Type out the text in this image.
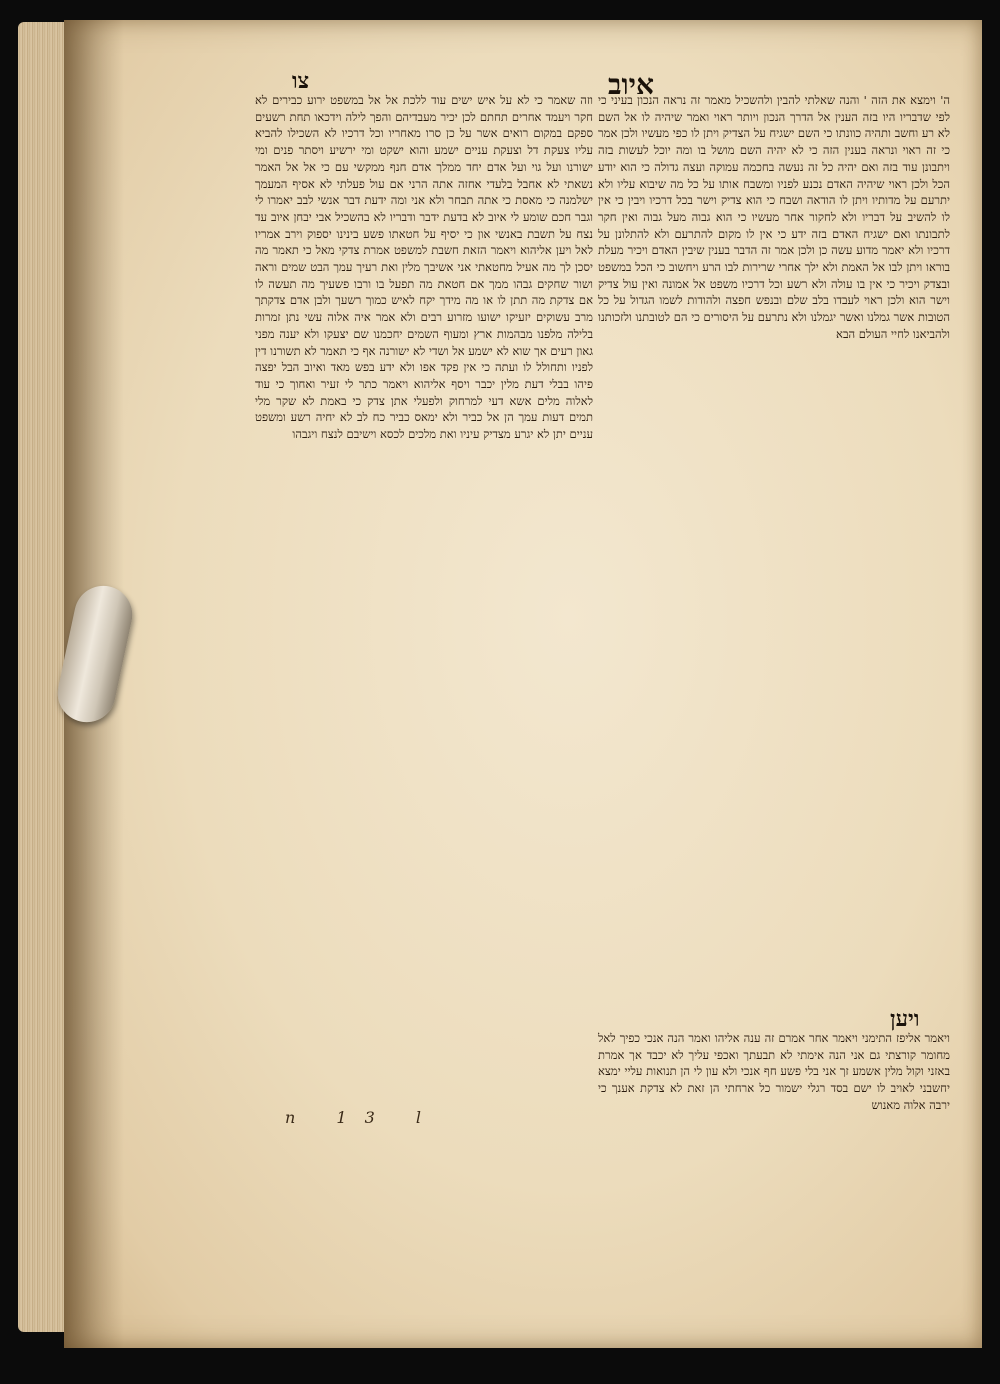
איוב
צו
ה' וימצא את הזה ' והנה שאלתי להבין ולהשכיל מאמר זה נראה הנכון בעיני כי לפי שדבריו היו בזה הענין אל הדרך הנכון ויותר ראוי ואמר שיהיה לו אל השם לא רע וחשב ותהיה כוונתו כי השם ישגיח על הצדיק ויתן לו כפי מעשיו ולכן אמר כי זה ראוי ונראה בענין הזה כי לא יהיה השם מושל בו ומה יוכל לעשות בזה ויתבונן עוד בזה ואם יהיה כל זה נעשה בחכמה עמוקה ועצה גדולה כי הוא יודע הכל ולכן ראוי שיהיה האדם נכנע לפניו ומשבח אותו על כל מה שיבוא עליו ולא יתרעם על מדותיו ויתן לו הודאה ושבח כי הוא צדיק וישר בכל דרכיו ויבין כי אין לו להשיב על דבריו ולא לחקור אחר מעשיו כי הוא גבוה מעל גבוה ואין חקר לתבונתו ואם ישגיח האדם בזה ידע כי אין לו מקום להתרעם ולא להתלונן על דרכיו ולא יאמר מדוע עשה כן ולכן אמר זה הדבר בענין שיבין האדם ויכיר מעלת בוראו ויתן לבו אל האמת ולא ילך אחרי שרירות לבו הרע ויחשוב כי הכל במשפט ובצדק ויכיר כי אין בו עולה ולא רשע וכל דרכיו משפט אל אמונה ואין עול צדיק וישר הוא ולכן ראוי לעבדו בלב שלם ובנפש חפצה ולהודות לשמו הגדול על כל הטובות אשר גמלנו ואשר יגמלנו ולא נתרעם על היסורים כי הם לטובתנו ולזכותנו ולהביאנו לחיי העולם הבא
ויען
ויאמר אליפז התימני ויאמר אחר אמרם זה ענה אליהו ואמר הנה אנכי כפיך לאל מחומר קורצתי גם אני הנה אימתי לא תבעתך ואכפי עליך לא יכבד אך אמרת באזני וקול מלין אשמע זך אני בלי פשע חף אנכי ולא עון לי הן תנואות עליי ימצא יחשבני לאויב לו ישם בסד רגלי ישמור כל ארחתי הן זאת לא צדקת אענך כי ירבה אלוה מאנוש
וזה שאמר כי לא על איש ישים עוד ללכת אל אל במשפט ירוע כבירים לא חקר ויעמד אחרים תחתם לכן יכיר מעבדיהם והפך לילה וידכאו תחת רשעים ספקם במקום רואים אשר על כן סרו מאחריו וכל דרכיו לא השכילו להביא עליו צעקת דל וצעקת עניים ישמע והוא ישקט ומי ירשיע ויסתר פנים ומי ישורנו ועל גוי ועל אדם יחד ממלך אדם חנף ממקשי עם כי אל אל האמר נשאתי לא אחבל בלעדי אחזה אתה הרני אם עול פעלתי לא אסיף המעמך ישלמנה כי מאסת כי אתה תבחר ולא אני ומה ידעת דבר אנשי לבב יאמרו לי וגבר חכם שומע לי איוב לא בדעת ידבר ודבריו לא בהשכיל אבי יבחן איוב עד נצח על תשבת באנשי און כי יסיף על חטאתו פשע בינינו יספוק וירב אמריו לאל ויען אליהוא ויאמר הזאת חשבת למשפט אמרת צדקי מאל כי תאמר מה יסכן לך מה אעיל מחטאתי אני אשיבך מלין ואת רעיך עמך הבט שמים וראה ושור שחקים גבהו ממך אם חטאת מה תפעל בו ורבו פשעיך מה תעשה לו אם צדקת מה תתן לו או מה מידך יקח לאיש כמוך רשעך ולבן אדם צדקתך מרב עשוקים יזעיקו ישועו מזרוע רבים ולא אמר איה אלוה עשי נתן זמרות בלילה מלפנו מבהמות ארץ ומעוף השמים יחכמנו שם יצעקו ולא יענה מפני גאון רעים אך שוא לא ישמע אל ושדי לא ישורנה אף כי תאמר לא תשורנו דין לפניו ותחולל לו ועתה כי אין פקד אפו ולא ידע בפש מאד ואיוב הבל יפצה פיהו בבלי דעת מלין יכבר ויסף אליהוא ויאמר כתר לי זעיר ואחוך כי עוד לאלוה מלים אשא דעי למרחוק ולפעלי אתן צדק כי באמת לא שקר מלי תמים דעות עמך הן אל כביר ולא ימאס כביר כח לב לא יחיה רשע ומשפט עניים יתן לא יגרע מצדיק עיניו ואת מלכים לכסא וישיבם לנצח ויגבהו
n 13 l
